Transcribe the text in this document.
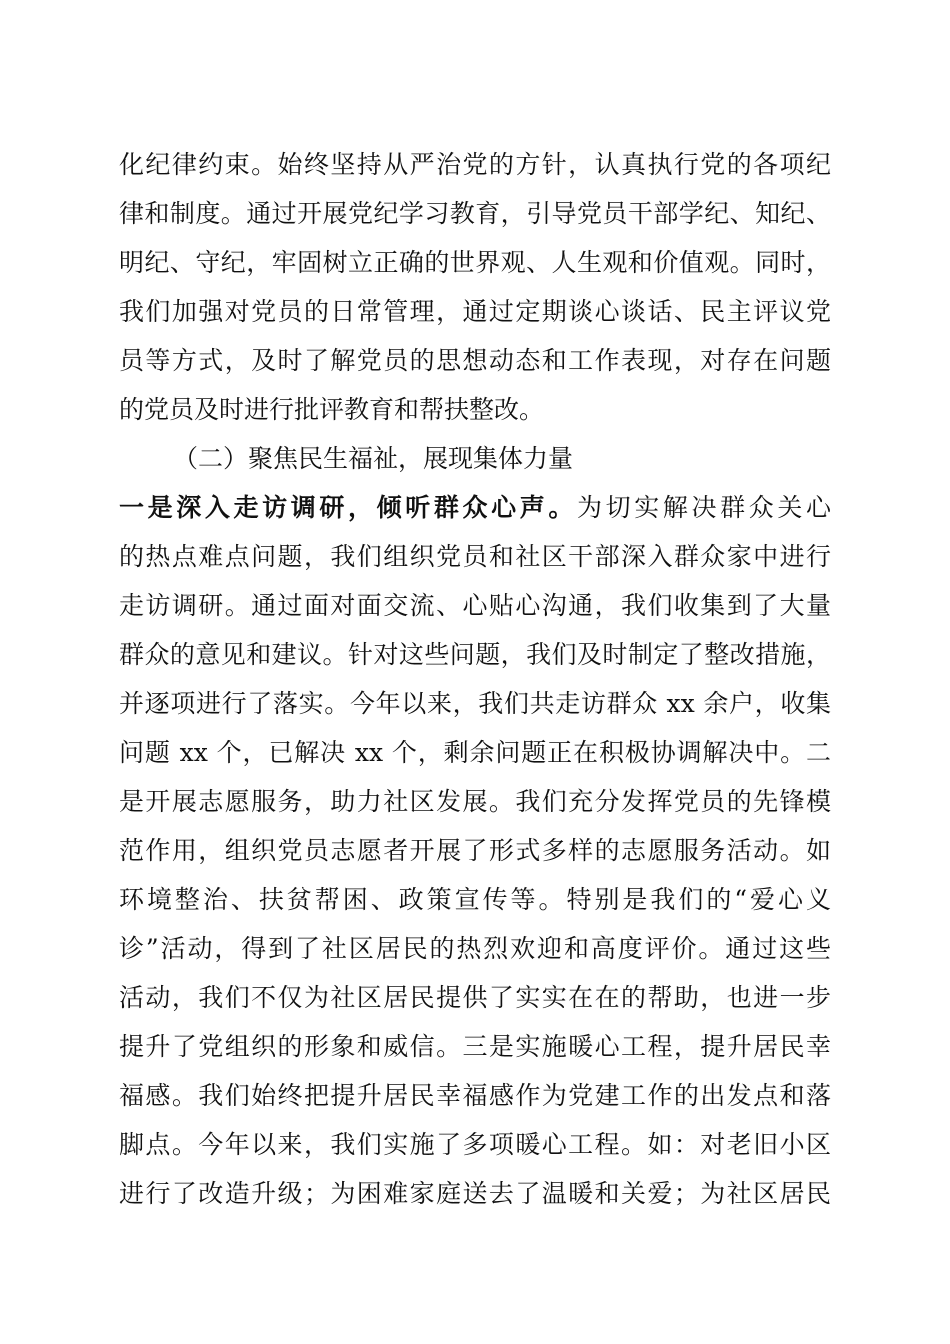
化纪律约束。始终坚持从严治党的方针，认真执行党的各项纪
律和制度。通过开展党纪学习教育，引导党员干部学纪、知纪、
明纪、守纪，牢固树立正确的世界观、人生观和价值观。同时，
我们加强对党员的日常管理，通过定期谈心谈话、民主评议党
员等方式，及时了解党员的思想动态和工作表现，对存在问题
的党员及时进行批评教育和帮扶整改。
（二）聚焦民生福祉，展现集体力量
一是深入走访调研，倾听群众心声。为切实解决群众关心
的热点难点问题，我们组织党员和社区干部深入群众家中进行
走访调研。通过面对面交流、心贴心沟通，我们收集到了大量
群众的意见和建议。针对这些问题，我们及时制定了整改措施，
并逐项进行了落实。今年以来，我们共走访群众 xx 余户，收集
问题 xx 个，已解决 xx 个，剩余问题正在积极协调解决中。二
是开展志愿服务，助力社区发展。我们充分发挥党员的先锋模
范作用，组织党员志愿者开展了形式多样的志愿服务活动。如
环境整治、扶贫帮困、政策宣传等。特别是我们的“爱心义
诊”活动，得到了社区居民的热烈欢迎和高度评价。通过这些
活动，我们不仅为社区居民提供了实实在在的帮助，也进一步
提升了党组织的形象和威信。三是实施暖心工程，提升居民幸
福感。我们始终把提升居民幸福感作为党建工作的出发点和落
脚点。今年以来，我们实施了多项暖心工程。如：对老旧小区
进行了改造升级；为困难家庭送去了温暖和关爱；为社区居民
